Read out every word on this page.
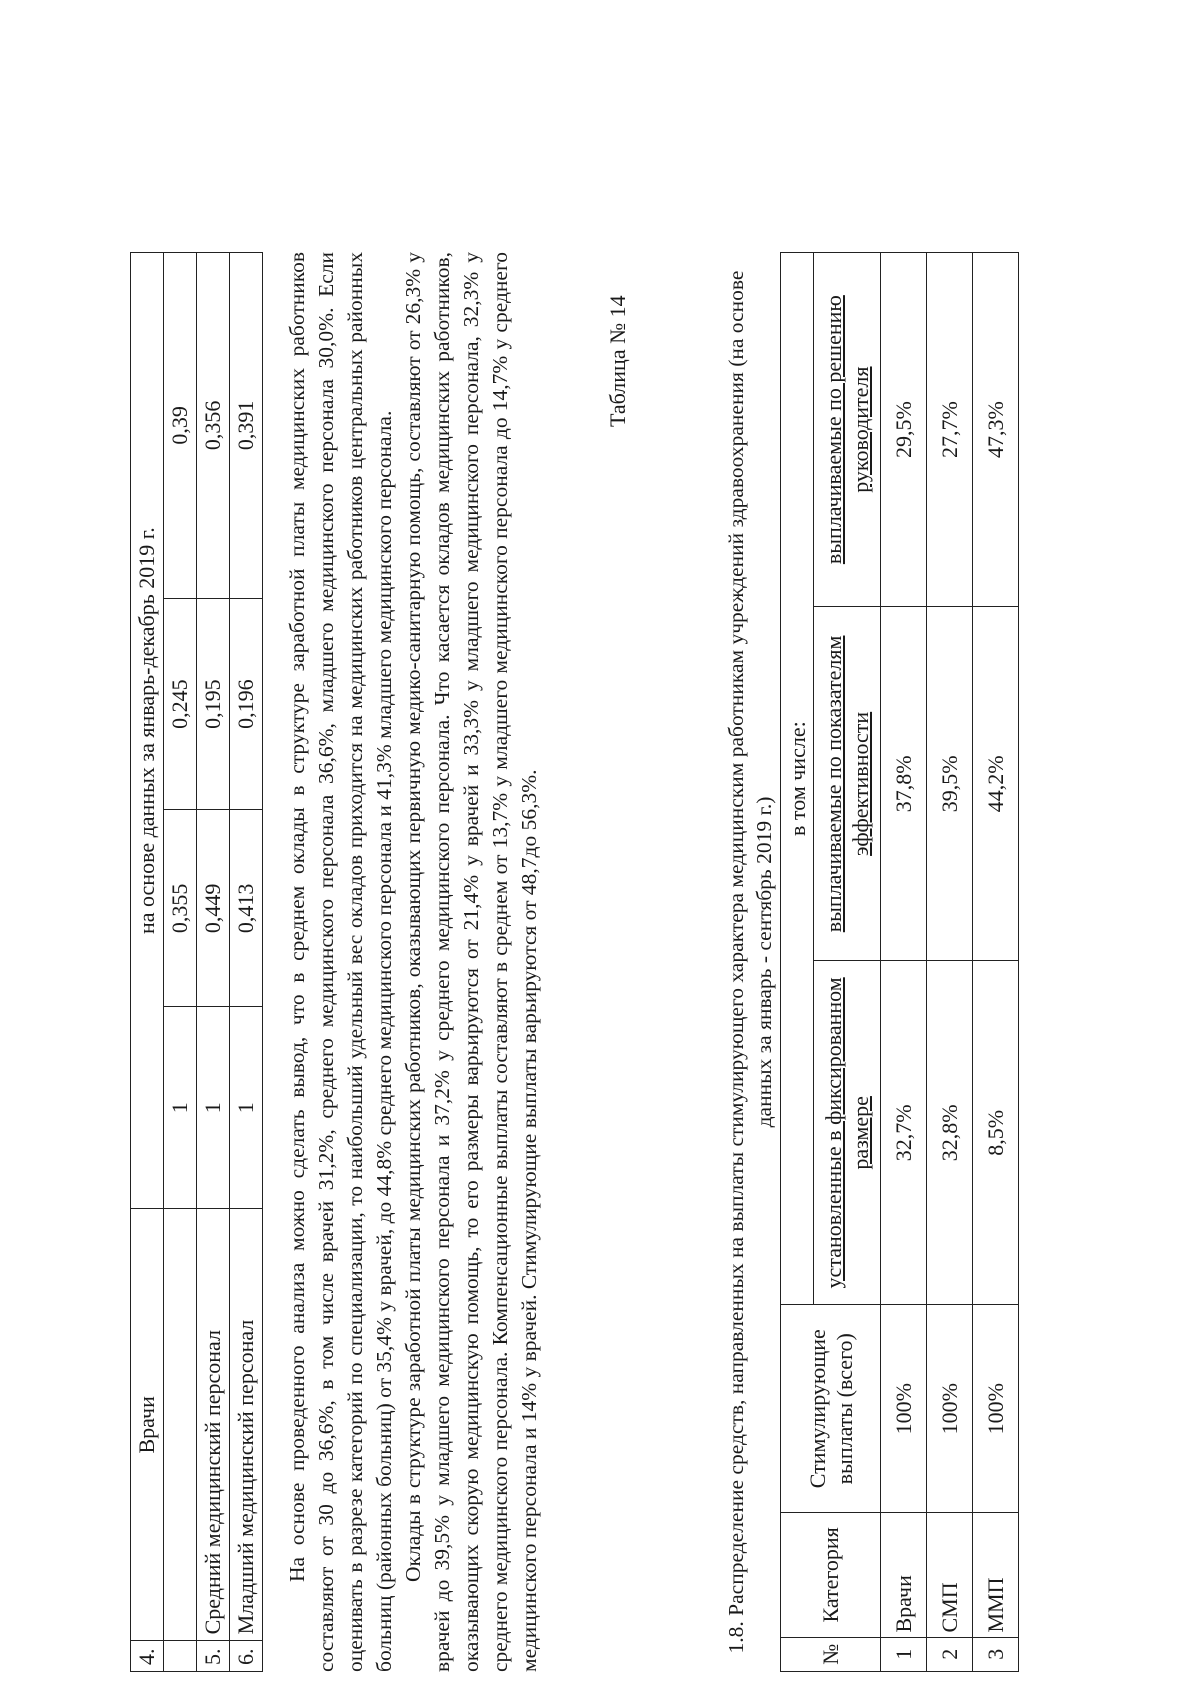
4.	Врачи	на основе данных за январь-декабрь 2019 г.			
		1	0,355	0,245	0,39
5.	Средний медицинский персонал	1	0,449	0,195	0,356
6.	Младший медицинский персонал	1	0,413	0,196	0,391 На основе проведенного анализа можно сделать вывод, что в среднем оклады в структуре заработной платы медицинских работников составляют от 30 до 36,6%, в том числе врачей 31,2%, среднего медицинского персонала 36,6%, младшего медицинского персонала 30,0%. Если оценивать в разрезе категорий по специализации, то наибольший удельный вес окладов приходится на медицинских работников центральных районных больниц (районных больниц) от 35,4% у врачей, до 44,8% среднего медицинского персонала и 41,3% младшего медицинского персонала. Оклады в структуре заработной платы медицинских работников, оказывающих первичную медико-санитарную помощь, составляют от 26,3% у врачей до 39,5% у младшего медицинского персонала и 37,2% у среднего медицинского персонала. Что касается окладов медицинских работников, оказывающих скорую медицинскую помощь, то его размеры варьируются от 21,4% у врачей и 33,3% у младшего медицинского персонала, 32,3% у среднего медицинского персонала. Компенсационные выплаты составляют в среднем от 13,7% у младшего медицинского персонала до 14,7% у среднего медицинского персонала и 14% у врачей. Стимулирующие выплаты варьируются от 48,7до 56,3%.

Таблица № 14	1.8. Распределение средств, направленных на выплаты стимулирующего характера медицинским работникам учреждений здравоохранения (на основе данных за январь - сентябрь 2019 г.)
№	Категория	Стимулирующие выплаты (всего)	в том числе:		
			установленные в фиксированном размере	выплачиваемые по показателям эффективности	выплачиваемые по решению руководителя
1	Врачи	100%	32,7%	37,8%	29,5%
2	СМП	100%	32,8%	39,5%	27,7%
3	ММП	100%	8,5%	44,2%	47,3%
